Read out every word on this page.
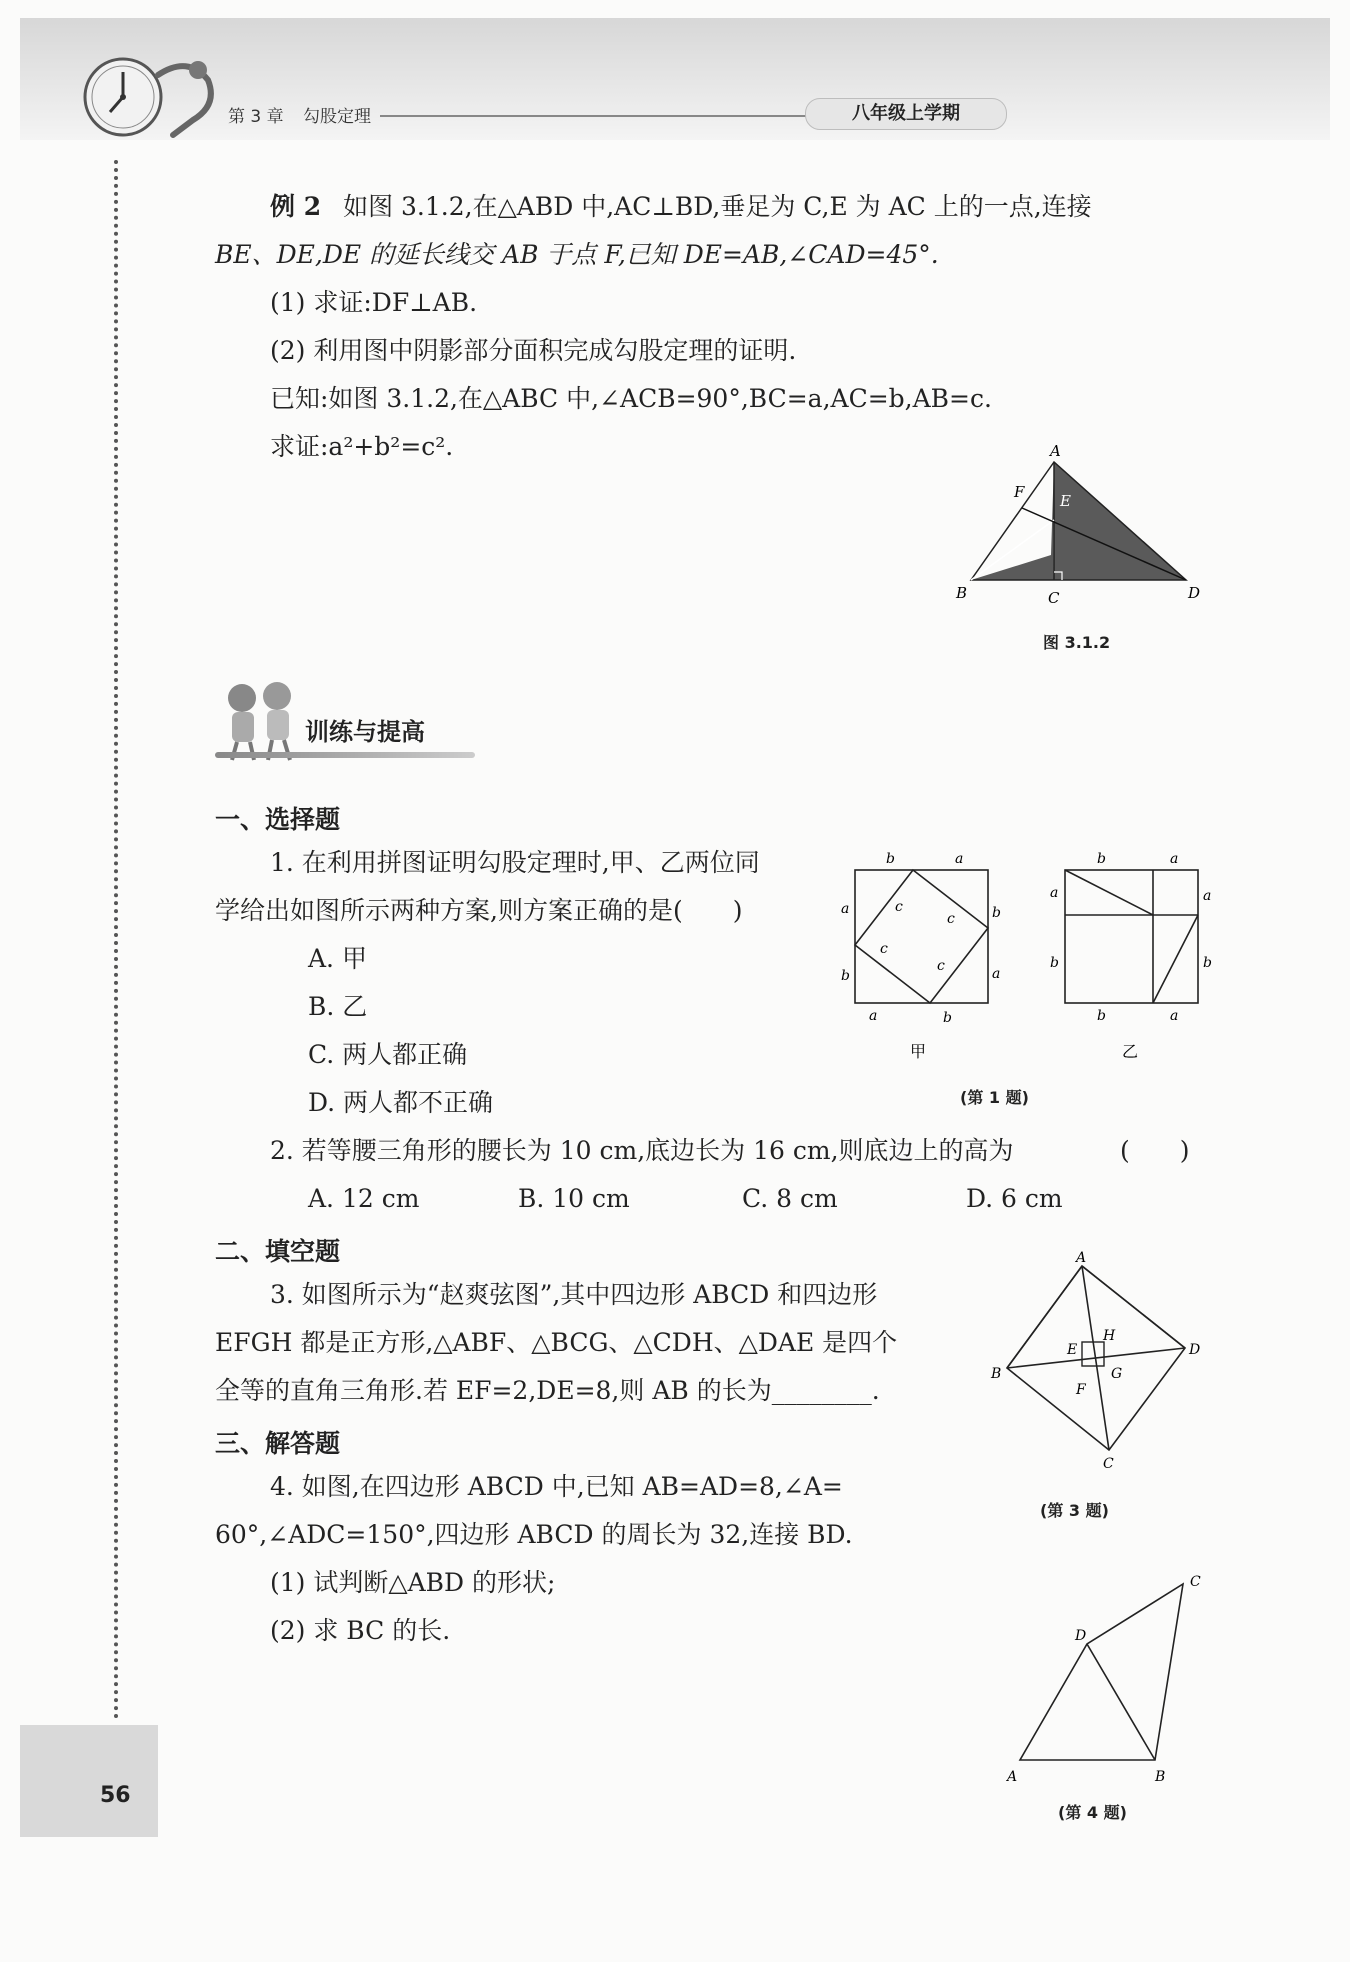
第 3 章 勾股定理	八年级上学期
56
例 2 如图 3.1.2,在△ABD 中,AC⊥BD,垂足为 C,E 为 AC 上的一点,连接
BE、DE,DE 的延长线交 AB 于点 F,已知 DE=AB,∠CAD=45°.
(1) 求证:DF⊥AB.
(2) 利用图中阴影部分面积完成勾股定理的证明.
已知:如图 3.1.2,在△ABC 中,∠ACB=90°,BC=a,AC=b,AB=c.
求证:a²+b²=c².	A
B	C	D
E
F
图 3.1.2
训练与提高
一、选择题
1. 在利用拼图证明勾股定理时,甲、乙两位同
学给出如图所示两种方案,则方案正确的是(　　)
A. 甲
B. 乙
C. 两人都正确
D. 两人都不正确
b	a
a
b
b
a
a	b
c
c
c
c
甲
b	a
a
b
a
b
b	a
乙
(第 1 题)
2. 若等腰三角形的腰长为 10 cm,底边长为 16 cm,则底边上的高为	(　　)
A. 12 cm	B. 10 cm	C. 8 cm	D. 6 cm
二、填空题
3. 如图所示为“赵爽弦图”,其中四边形 ABCD 和四边形
EFGH 都是正方形,△ABF、△BCG、△CDH、△DAE 是四个
全等的直角三角形.若 EF=2,DE=8,则 AB 的长为________.
A
B
C
D
E
F
G
H
(第 3 题)
三、解答题
4. 如图,在四边形 ABCD 中,已知 AB=AD=8,∠A=
60°,∠ADC=150°,四边形 ABCD 的周长为 32,连接 BD.
(1) 试判断△ABD 的形状;
(2) 求 BC 的长.
A	B
C
D
(第 4 题)
